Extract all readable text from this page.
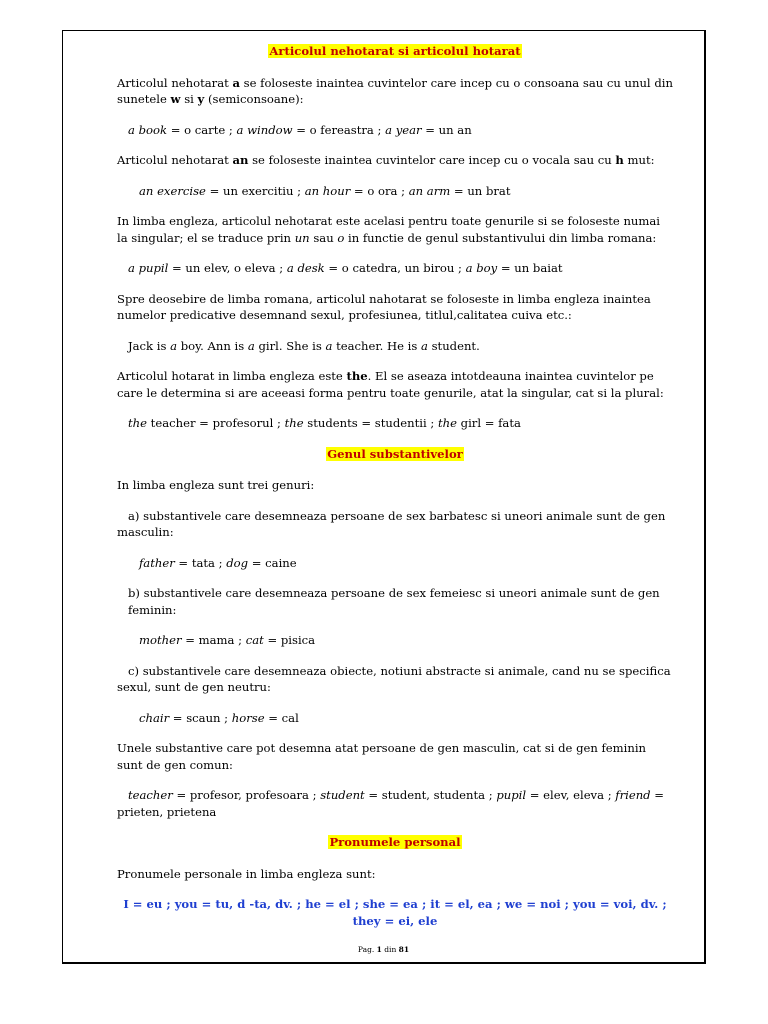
Articolul nehotarat si articolul hotarat

Articolul nehotarat a se foloseste inaintea cuvintelor care incep cu o consoana sau cu unul din sunetele w si y (semiconsoane):

a book = o carte ; a window = o fereastra ; a year = un an

Articolul nehotarat an se foloseste inaintea cuvintelor care incep cu o vocala sau cu h mut:

an exercise = un exercitiu ; an hour = o ora ; an arm = un brat

In limba engleza, articolul nehotarat este acelasi pentru toate genurile si se foloseste numai la singular; el se traduce prin un sau o in functie de genul substantivului din limba romana:

a pupil = un elev, o eleva ; a desk = o catedra, un birou ; a boy = un baiat

Spre deosebire de limba romana, articolul nahotarat se foloseste in limba engleza inaintea numelor predicative desemnand sexul, profesiunea, titlul,calitatea cuiva etc.:

Jack is a boy. Ann is a girl. She is a teacher. He is a student.

Articolul hotarat in limba engleza este the. El se aseaza intotdeauna inaintea cuvintelor pe care le determina si are aceeasi forma pentru toate genurile, atat la singular, cat si la plural:

the teacher = profesorul ; the students = studentii ; the girl = fata

Genul substantivelor

In limba engleza sunt trei genuri:

a) substantivele care desemneaza persoane de sex barbatesc si uneori animale sunt de gen masculin:

father = tata ; dog = caine

b) substantivele care desemneaza persoane de sex femeiesc si uneori animale sunt de gen feminin:

mother = mama ; cat = pisica

c) substantivele care desemneaza obiecte, notiuni abstracte si animale, cand nu se specifica sexul, sunt de gen neutru:

chair = scaun ; horse = cal

Unele substantive care pot desemna atat persoane de gen masculin, cat si de gen feminin sunt de gen comun:

teacher = profesor, profesoara ; student = student, studenta ; pupil = elev, eleva ; friend = prieten, prietena

Pronumele personal

Pronumele personale in limba engleza sunt:

I = eu ; you = tu, d -ta, dv. ; he = el ; she = ea ; it = el, ea ; we = noi ; you = voi, dv. ; they = ei, ele

Pag. 1 din 81
